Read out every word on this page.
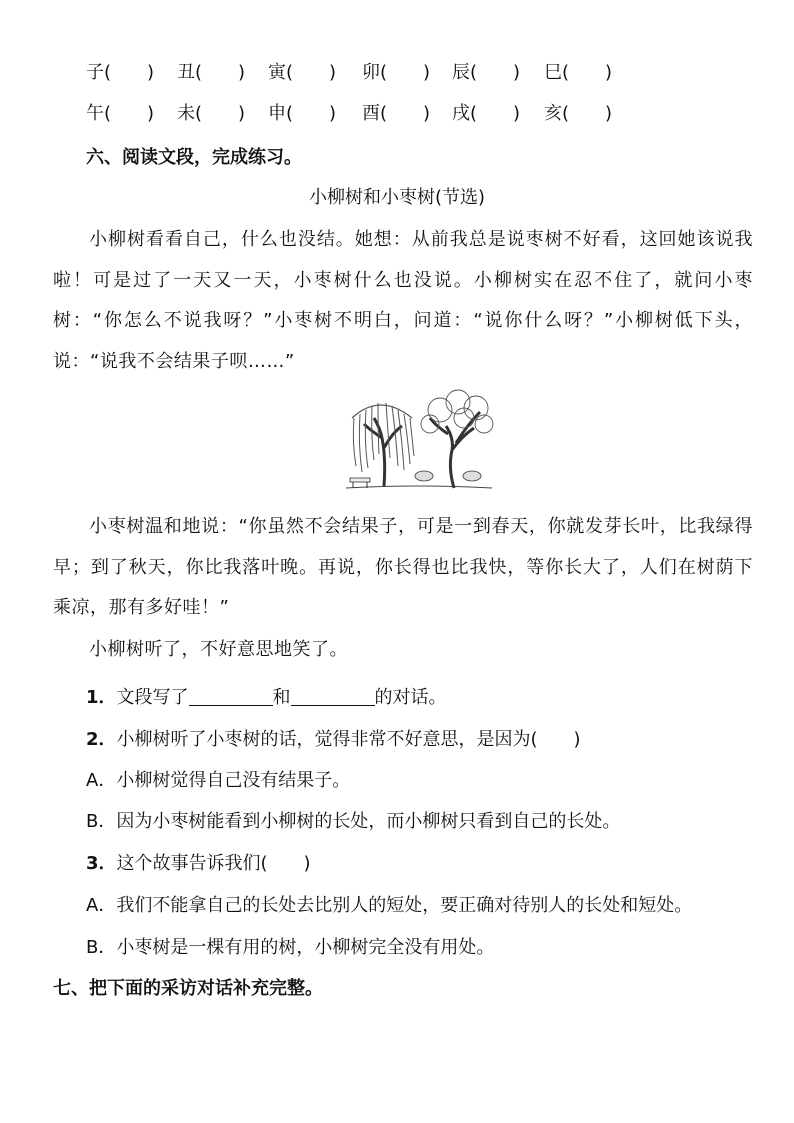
子(　　) 丑(　　) 寅(　　) 卯(　　) 辰(　　) 巳(　　)
午(　　) 未(　　) 申(　　) 酉(　　) 戌(　　) 亥(　　)
六、阅读文段，完成练习。
小柳树和小枣树(节选)
小柳树看看自己，什么也没结。她想：从前我总是说枣树不好看，这回她该说我啦！可是过了一天又一天，小枣树什么也没说。小柳树实在忍不住了，就问小枣树：“你怎么不说我呀？”小枣树不明白，问道：“说你什么呀？”小柳树低下头，说：“说我不会结果子呗……”
小枣树温和地说：“你虽然不会结果子，可是一到春天，你就发芽长叶，比我绿得早；到了秋天，你比我落叶晚。再说，你长得也比我快，等你长大了，人们在树荫下乘凉，那有多好哇！”
小柳树听了，不好意思地笑了。
1．文段写了	和	的对话。
2．小柳树听了小枣树的话，觉得非常不好意思，是因为(　　)
A．小柳树觉得自己没有结果子。
B．因为小枣树能看到小柳树的长处，而小柳树只看到自己的长处。
3．这个故事告诉我们(　　)
A．我们不能拿自己的长处去比别人的短处，要正确对待别人的长处和短处。
B．小枣树是一棵有用的树，小柳树完全没有用处。
七、把下面的采访对话补充完整。
